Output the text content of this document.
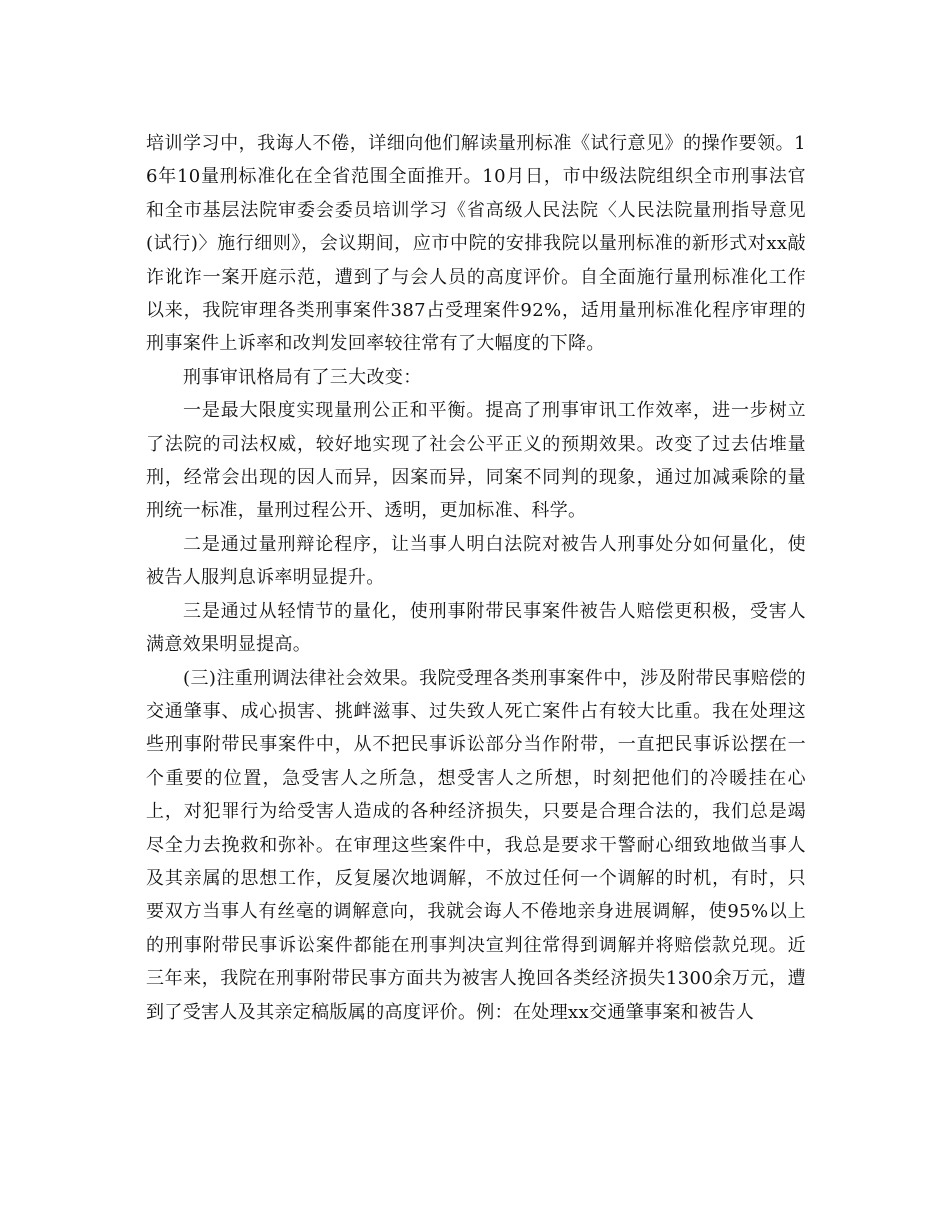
培训学习中，我诲人不倦，详细向他们解读量刑标准《试行意见》的操作要领。16年10量刑标准化在全省范围全面推开。10月日，市中级法院组织全市刑事法官和全市基层法院审委会委员培训学习《省高级人民法院〈人民法院量刑指导意见(试行)〉施行细则》，会议期间，应市中院的安排我院以量刑标准的新形式对xx敲诈讹诈一案开庭示范，遭到了与会人员的高度评价。自全面施行量刑标准化工作以来，我院审理各类刑事案件387占受理案件92%，适用量刑标准化程序审理的刑事案件上诉率和改判发回率较往常有了大幅度的下降。

刑事审讯格局有了三大改变：

一是最大限度实现量刑公正和平衡。提高了刑事审讯工作效率，进一步树立了法院的司法权威，较好地实现了社会公平正义的预期效果。改变了过去估堆量刑，经常会出现的因人而异，因案而异，同案不同判的现象，通过加减乘除的量刑统一标准，量刑过程公开、透明，更加标准、科学。

二是通过量刑辩论程序，让当事人明白法院对被告人刑事处分如何量化，使被告人服判息诉率明显提升。

三是通过从轻情节的量化，使刑事附带民事案件被告人赔偿更积极，受害人满意效果明显提高。

(三)注重刑调法律社会效果。我院受理各类刑事案件中，涉及附带民事赔偿的交通肇事、成心损害、挑衅滋事、过失致人死亡案件占有较大比重。我在处理这些刑事附带民事案件中，从不把民事诉讼部分当作附带，一直把民事诉讼摆在一个重要的位置，急受害人之所急，想受害人之所想，时刻把他们的冷暖挂在心上，对犯罪行为给受害人造成的各种经济损失，只要是合理合法的，我们总是竭尽全力去挽救和弥补。在审理这些案件中，我总是要求干警耐心细致地做当事人及其亲属的思想工作，反复屡次地调解，不放过任何一个调解的时机，有时，只要双方当事人有丝毫的调解意向，我就会诲人不倦地亲身进展调解，使95%以上的刑事附带民事诉讼案件都能在刑事判决宣判往常得到调解并将赔偿款兑现。近三年来，我院在刑事附带民事方面共为被害人挽回各类经济损失1300余万元，遭到了受害人及其亲定稿版属的高度评价。例：在处理xx交通肇事案和被告人
